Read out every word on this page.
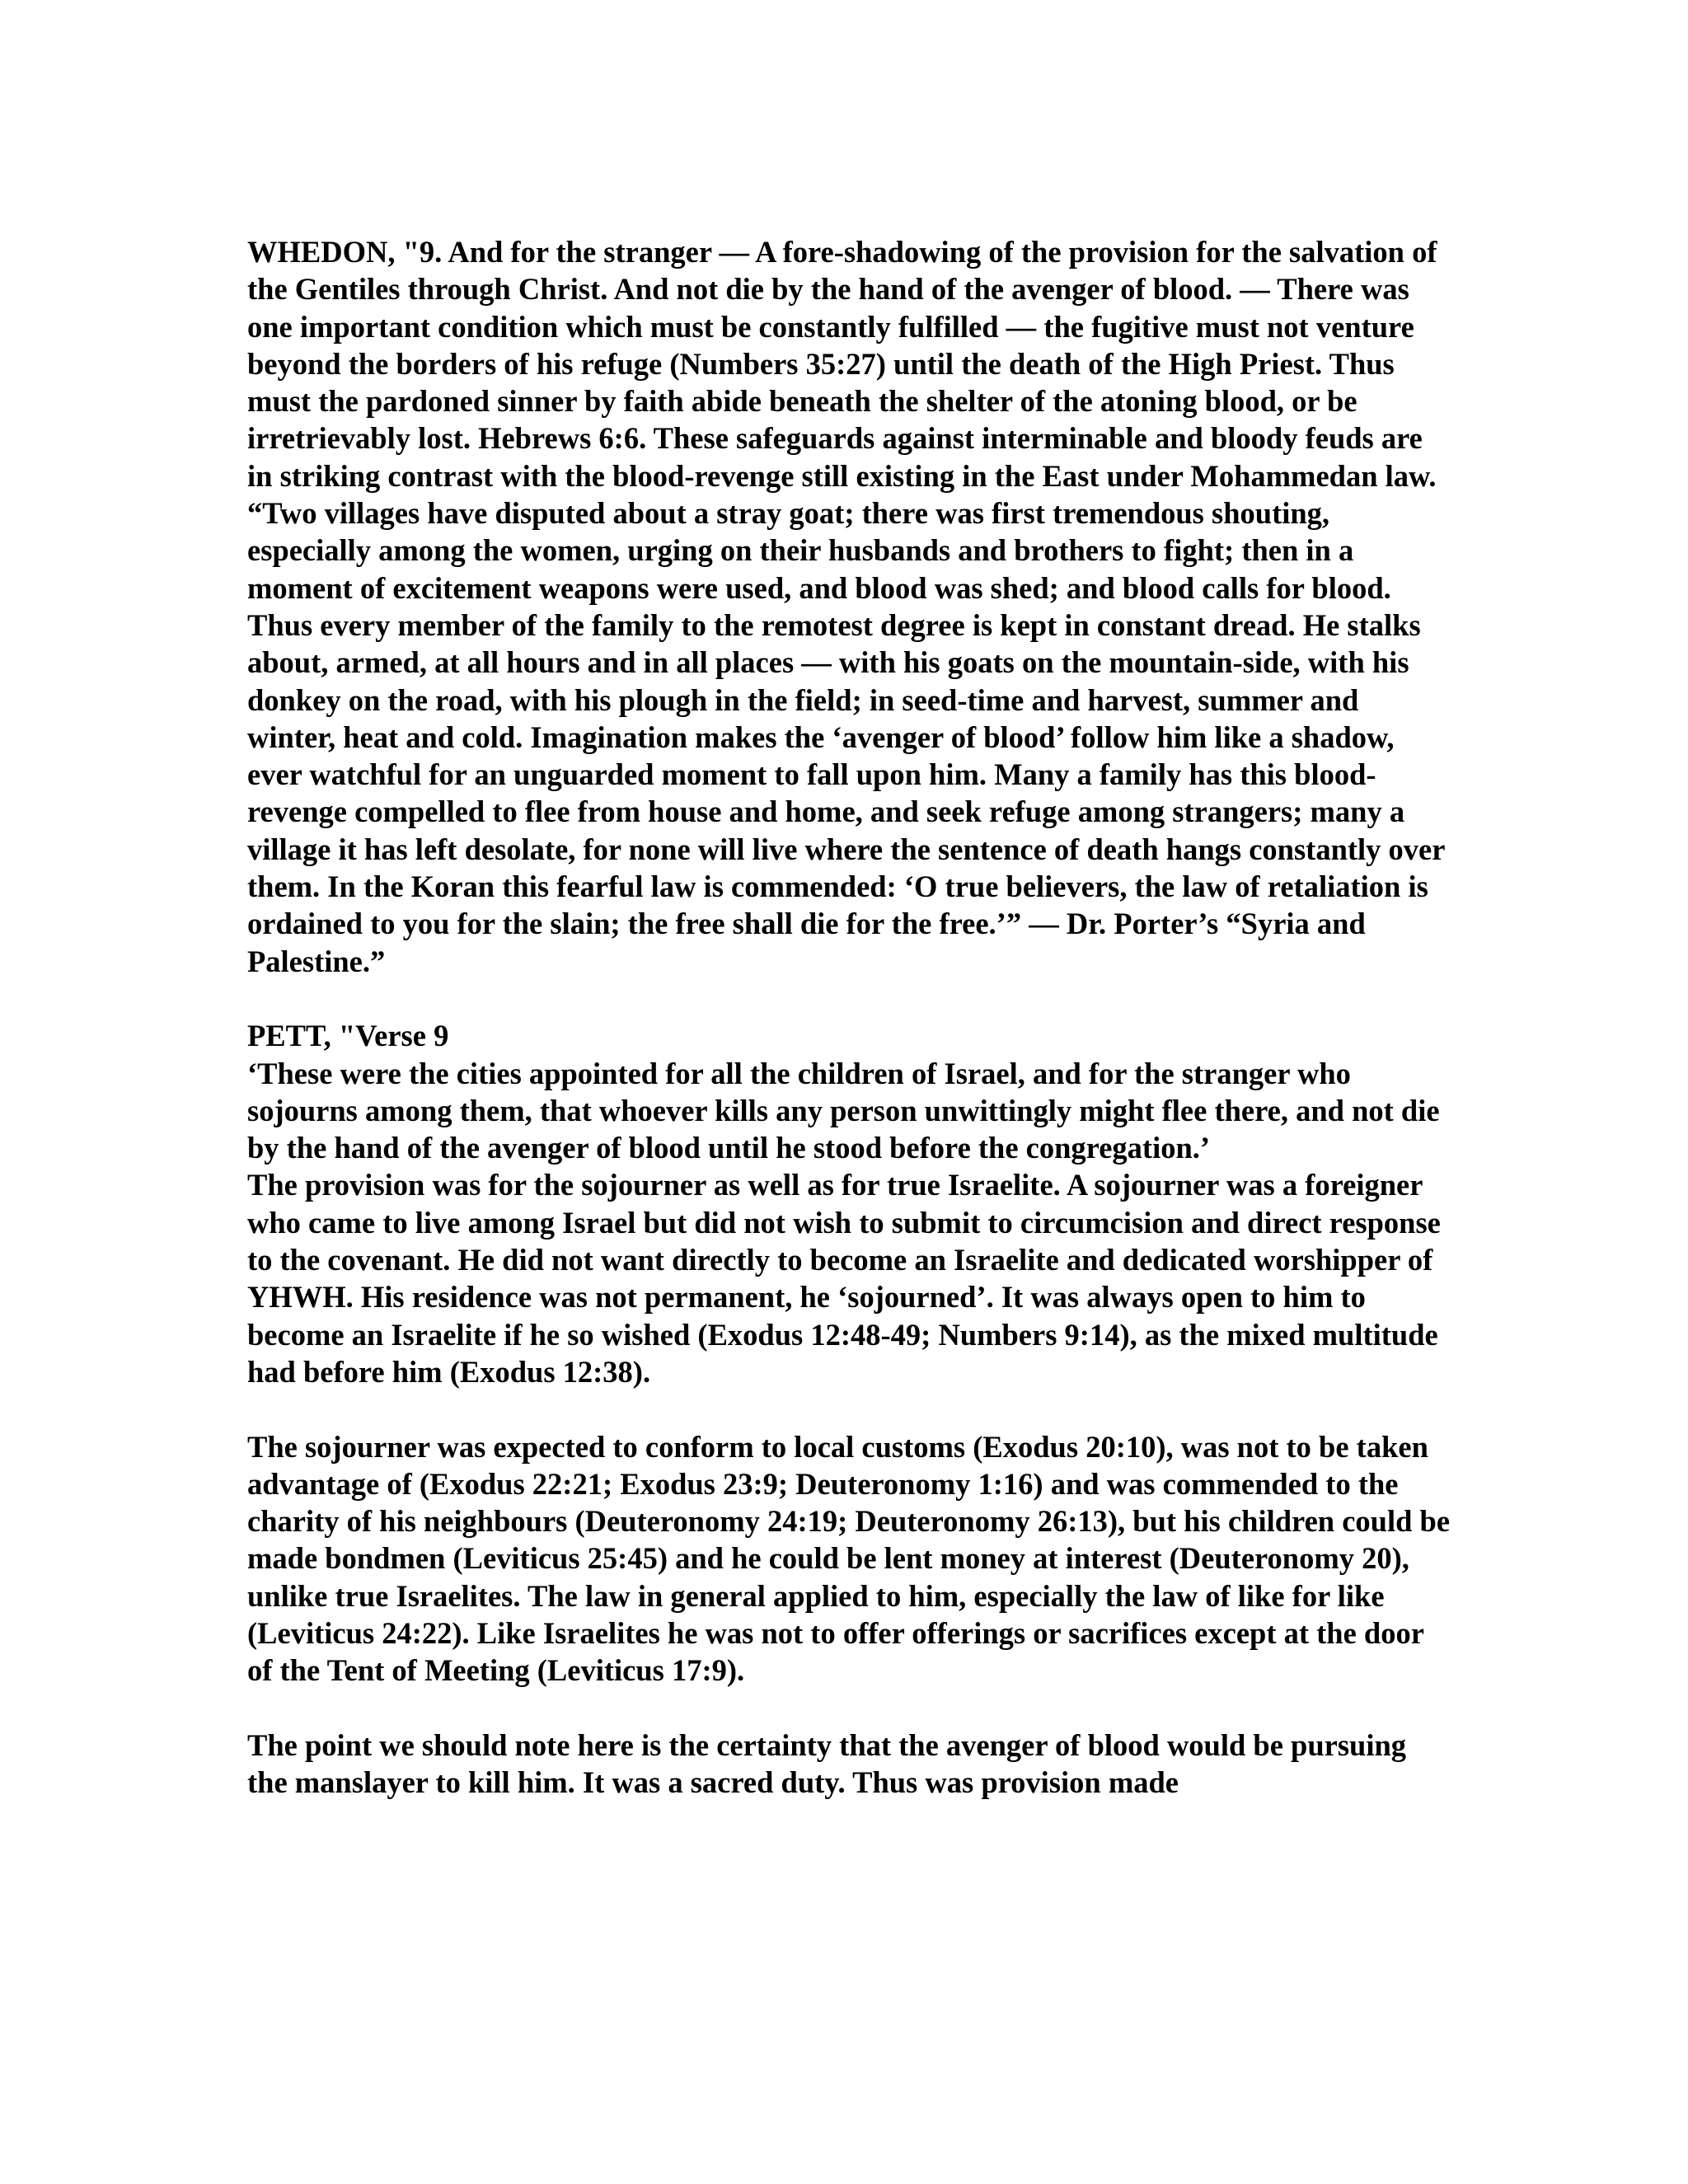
WHEDON, "9. And for the stranger — A fore-shadowing of the provision for the salvation of the Gentiles through Christ. And not die by the hand of the avenger of blood. — There was one important condition which must be constantly fulfilled — the fugitive must not venture beyond the borders of his refuge (Numbers 35:27) until the death of the High Priest. Thus must the pardoned sinner by faith abide beneath the shelter of the atoning blood, or be irretrievably lost. Hebrews 6:6. These safeguards against interminable and bloody feuds are in striking contrast with the blood-revenge still existing in the East under Mohammedan law. “Two villages have disputed about a stray goat; there was first tremendous shouting, especially among the women, urging on their husbands and brothers to fight; then in a moment of excitement weapons were used, and blood was shed; and blood calls for blood. Thus every member of the family to the remotest degree is kept in constant dread. He stalks about, armed, at all hours and in all places — with his goats on the mountain-side, with his donkey on the road, with his plough in the field; in seed-time and harvest, summer and winter, heat and cold. Imagination makes the ‘avenger of blood’ follow him like a shadow, ever watchful for an unguarded moment to fall upon him. Many a family has this blood-revenge compelled to flee from house and home, and seek refuge among strangers; many a village it has left desolate, for none will live where the sentence of death hangs constantly over them. In the Koran this fearful law is commended: ‘O true believers, the law of retaliation is ordained to you for the slain; the free shall die for the free.’” — Dr. Porter’s “Syria and Palestine.”

PETT, "Verse 9

‘These were the cities appointed for all the children of Israel, and for the stranger who sojourns among them, that whoever kills any person unwittingly might flee there, and not die by the hand of the avenger of blood until he stood before the congregation.’

The provision was for the sojourner as well as for true Israelite. A sojourner was a foreigner who came to live among Israel but did not wish to submit to circumcision and direct response to the covenant. He did not want directly to become an Israelite and dedicated worshipper of YHWH. His residence was not permanent, he ‘sojourned’. It was always open to him to become an Israelite if he so wished (Exodus 12:48-49; Numbers 9:14), as the mixed multitude had before him (Exodus 12:38).

The sojourner was expected to conform to local customs (Exodus 20:10), was not to be taken advantage of (Exodus 22:21; Exodus 23:9; Deuteronomy 1:16) and was commended to the charity of his neighbours (Deuteronomy 24:19; Deuteronomy 26:13), but his children could be made bondmen (Leviticus 25:45) and he could be lent money at interest (Deuteronomy 20), unlike true Israelites. The law in general applied to him, especially the law of like for like (Leviticus 24:22). Like Israelites he was not to offer offerings or sacrifices except at the door of the Tent of Meeting (Leviticus 17:9).

The point we should note here is the certainty that the avenger of blood would be pursuing the manslayer to kill him. It was a sacred duty. Thus was provision made
